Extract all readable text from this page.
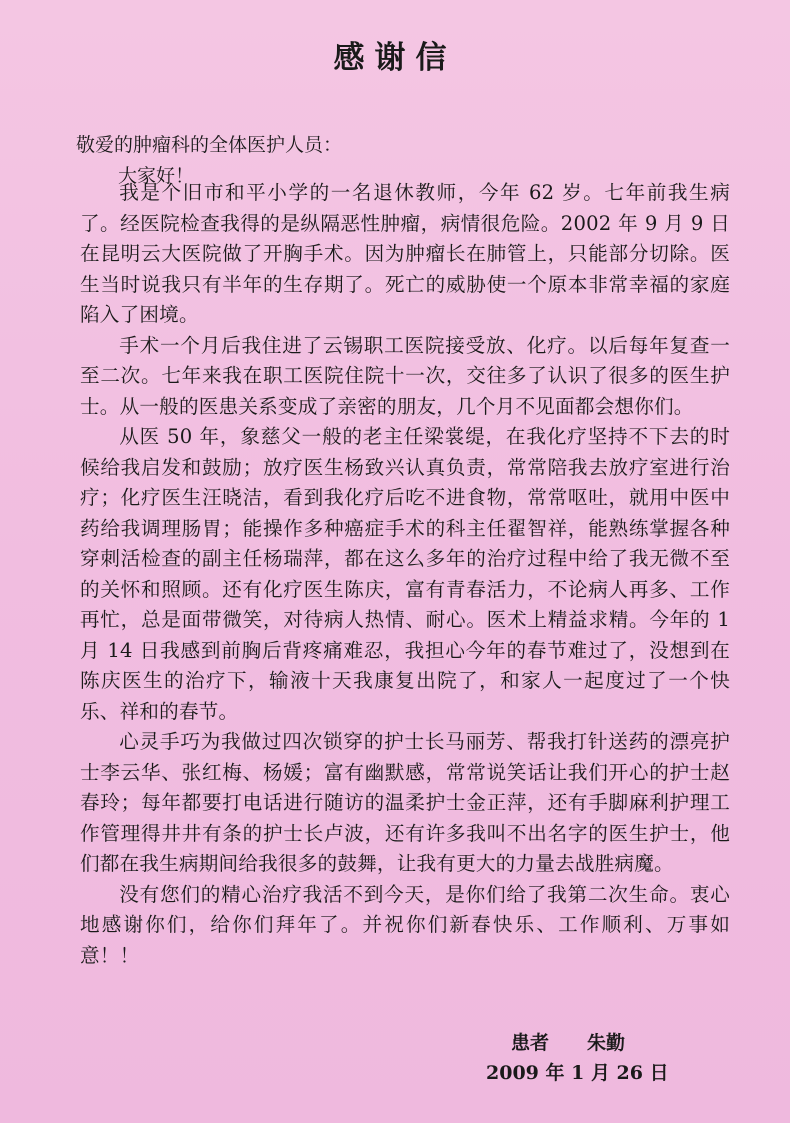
感谢信
敬爱的肿瘤科的全体医护人员：
大家好！

我是个旧市和平小学的一名退休教师，今年 62 岁。七年前我生病了。经医院检查我得的是纵隔恶性肿瘤，病情很危险。2002 年 9 月 9 日在昆明云大医院做了开胸手术。因为肿瘤长在肺管上，只能部分切除。医生当时说我只有半年的生存期了。死亡的威胁使一个原本非常幸福的家庭陷入了困境。

手术一个月后我住进了云锡职工医院接受放、化疗。以后每年复查一至二次。七年来我在职工医院住院十一次，交往多了认识了很多的医生护士。从一般的医患关系变成了亲密的朋友，几个月不见面都会想你们。

从医 50 年，象慈父一般的老主任梁裳缇，在我化疗坚持不下去的时候给我启发和鼓励；放疗医生杨致兴认真负责，常常陪我去放疗室进行治疗；化疗医生汪晓洁，看到我化疗后吃不进食物，常常呕吐，就用中医中药给我调理肠胃；能操作多种癌症手术的科主任翟智祥，能熟练掌握各种穿刺活检查的副主任杨瑞萍，都在这么多年的治疗过程中给了我无微不至的关怀和照顾。还有化疗医生陈庆，富有青春活力，不论病人再多、工作再忙，总是面带微笑，对待病人热情、耐心。医术上精益求精。今年的 1 月 14 日我感到前胸后背疼痛难忍，我担心今年的春节难过了，没想到在陈庆医生的治疗下，输液十天我康复出院了，和家人一起度过了一个快乐、祥和的春节。

心灵手巧为我做过四次锁穿的护士长马丽芳、帮我打针送药的漂亮护士李云华、张红梅、杨媛；富有幽默感，常常说笑话让我们开心的护士赵春玲；每年都要打电话进行随访的温柔护士金正萍，还有手脚麻利护理工作管理得井井有条的护士长卢波，还有许多我叫不出名字的医生护士，他们都在我生病期间给我很多的鼓舞，让我有更大的力量去战胜病魔。

没有您们的精心治疗我活不到今天，是你们给了我第二次生命。衷心地感谢你们，给你们拜年了。并祝你们新春快乐、工作顺利、万事如意！！

患者　　朱勤
2009 年 1 月 26 日
